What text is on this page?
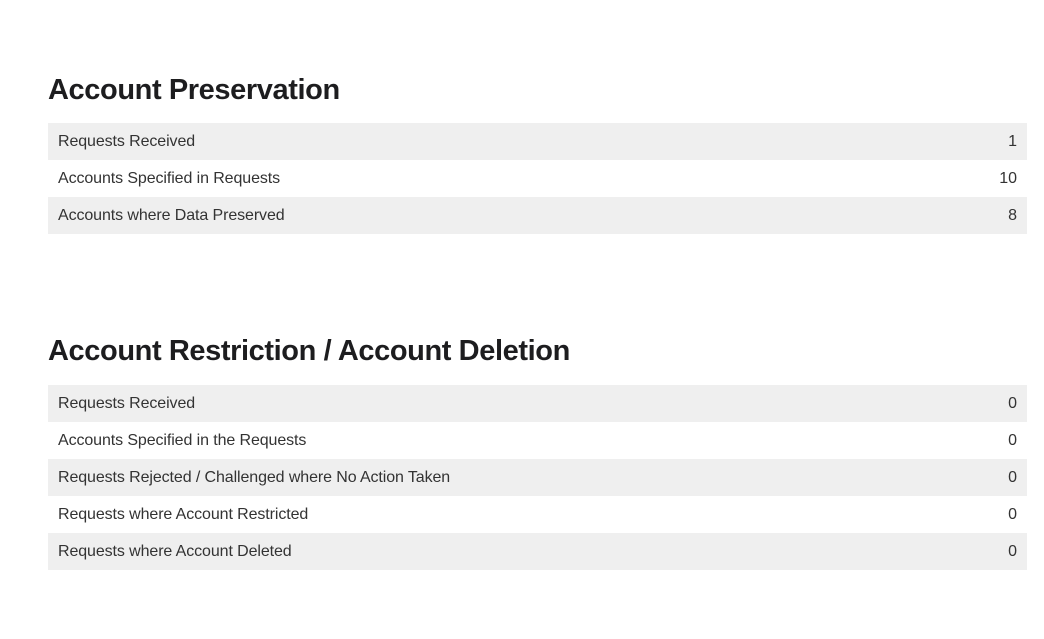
Account Preservation
Requests Received	1
Accounts Specified in Requests	10
Accounts where Data Preserved	8
Account Restriction / Account Deletion
Requests Received	0
Accounts Specified in the Requests	0
Requests Rejected / Challenged where No Action Taken	0
Requests where Account Restricted	0
Requests where Account Deleted	0
